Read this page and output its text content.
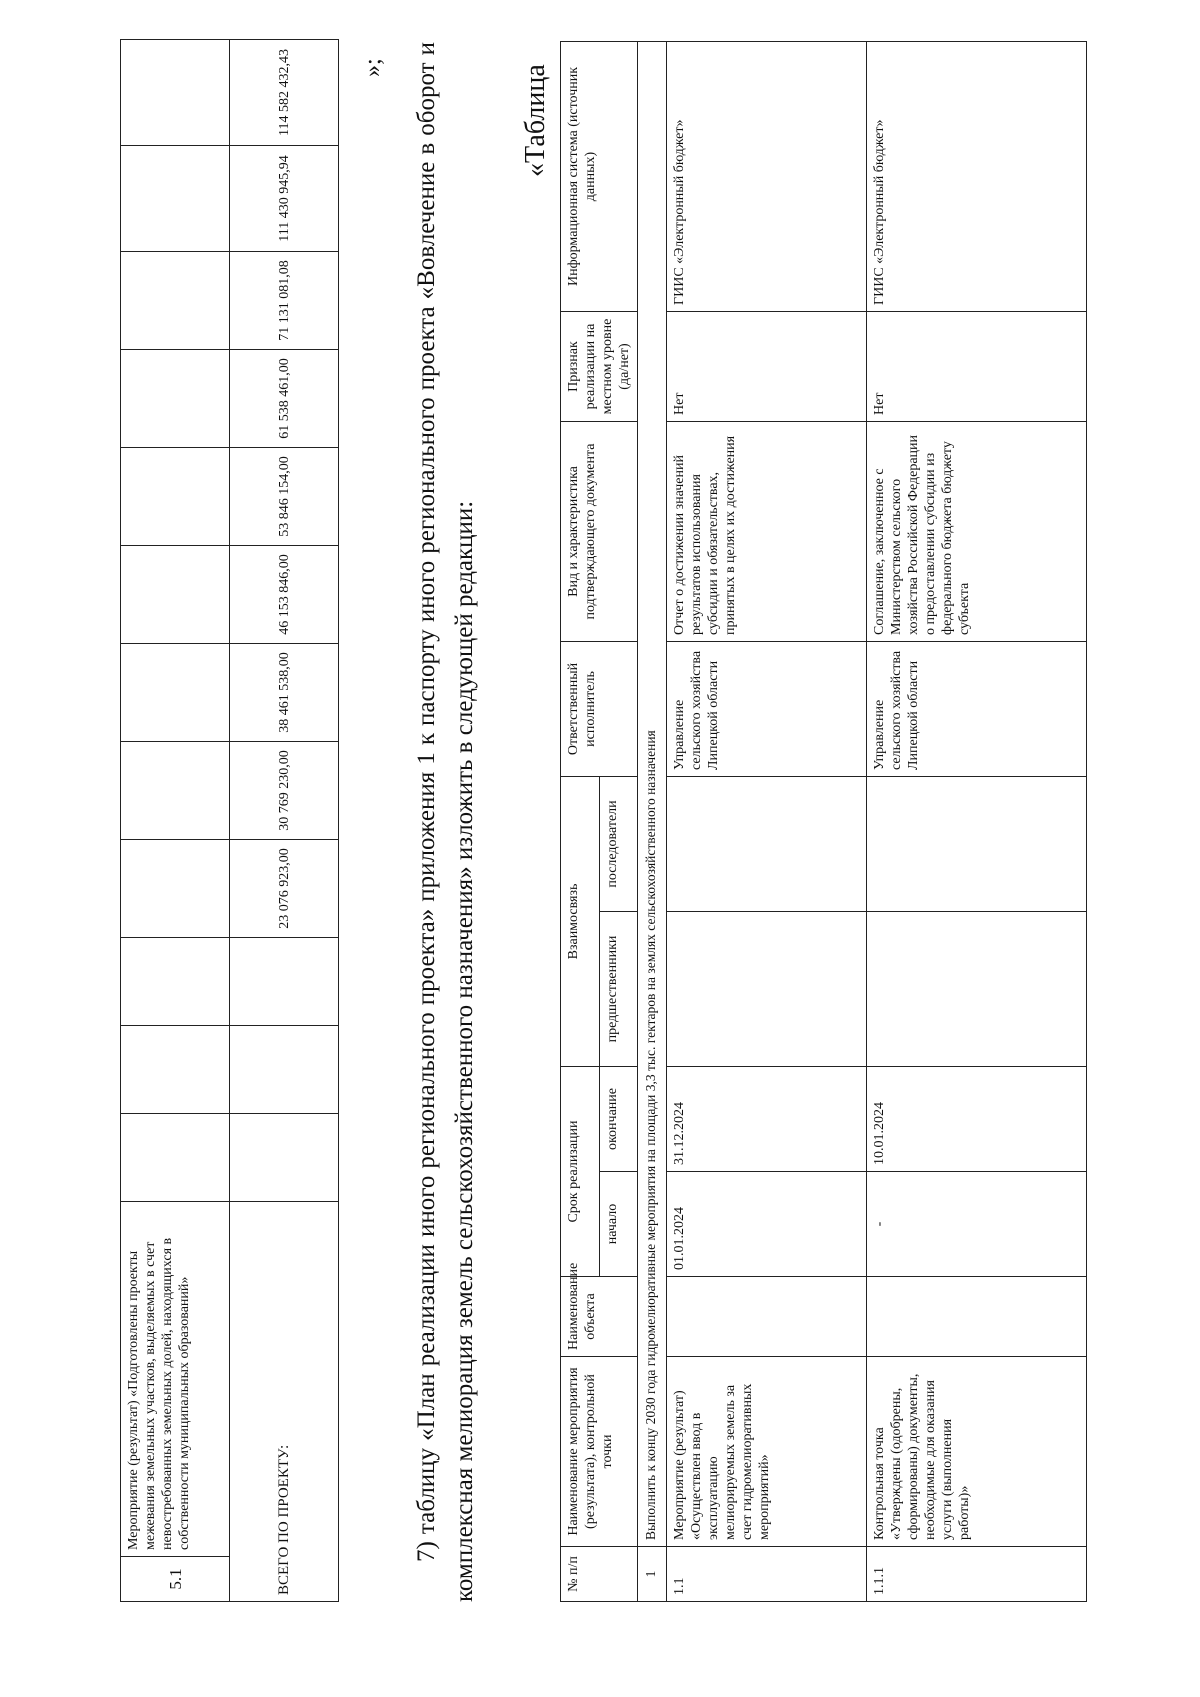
5.1	Мероприятие (результат) «Подготовлены проекты межевания земельных участков, выделяемых в счет невостребованных земельных долей, находящихся в собственности муниципальных образований»												
ВСЕГО ПО ПРОЕКТУ:					23 076 923,00	30 769 230,00	38 461 538,00	46 153 846,00	53 846 154,00	61 538 461,00	71 131 081,08	111 430 945,94	114 582 432,43	»;
7) таблицу «План реализации иного регионального проекта» приложения 1 к паспорту иного регионального проекта «Вовлечение в оборот и комплексная мелиорация земель сельскохозяйственного назначения» изложить в следующей редакции:
«Таблица
№ п/п	Наименование мероприятия (результата), контрольной точки	Наименование объекта	Срок реализации		Взаимосвязь		Ответственный исполнитель	Вид и характеристика подтверждающего документа	Признак реализации на местном уровне (да/нет)	Информационная система (источник данных)
			начало	окончание	предшественники	последователи				
1	Выполнить к концу 2030 года гидромелиоративные мероприятия на площади 3,3 тыс. гектаров на землях сельскохозяйственного назначения									
1.1	Мероприятие (результат) «Осуществлен ввод в эксплуатацию мелиорируемых земель за счет гидромелиоративных мероприятий»		01.01.2024	31.12.2024			Управление сельского хозяйства Липецкой области	Отчет о достижении значений результатов использования субсидии и обязательствах, принятых в целях их достижения	Нет	ГИИС «Электронный бюджет»
1.1.1	Контрольная точка «Утверждены (одобрены, сформированы) документы, необходимые для оказания услуги (выполнения работы)»		-	10.01.2024			Управление сельского хозяйства Липецкой области	Соглашение, заключенное с Министерством сельского хозяйства Российской Федерации о предоставлении субсидии из федерального бюджета бюджету субъекта	Нет	ГИИС «Электронный бюджет»
